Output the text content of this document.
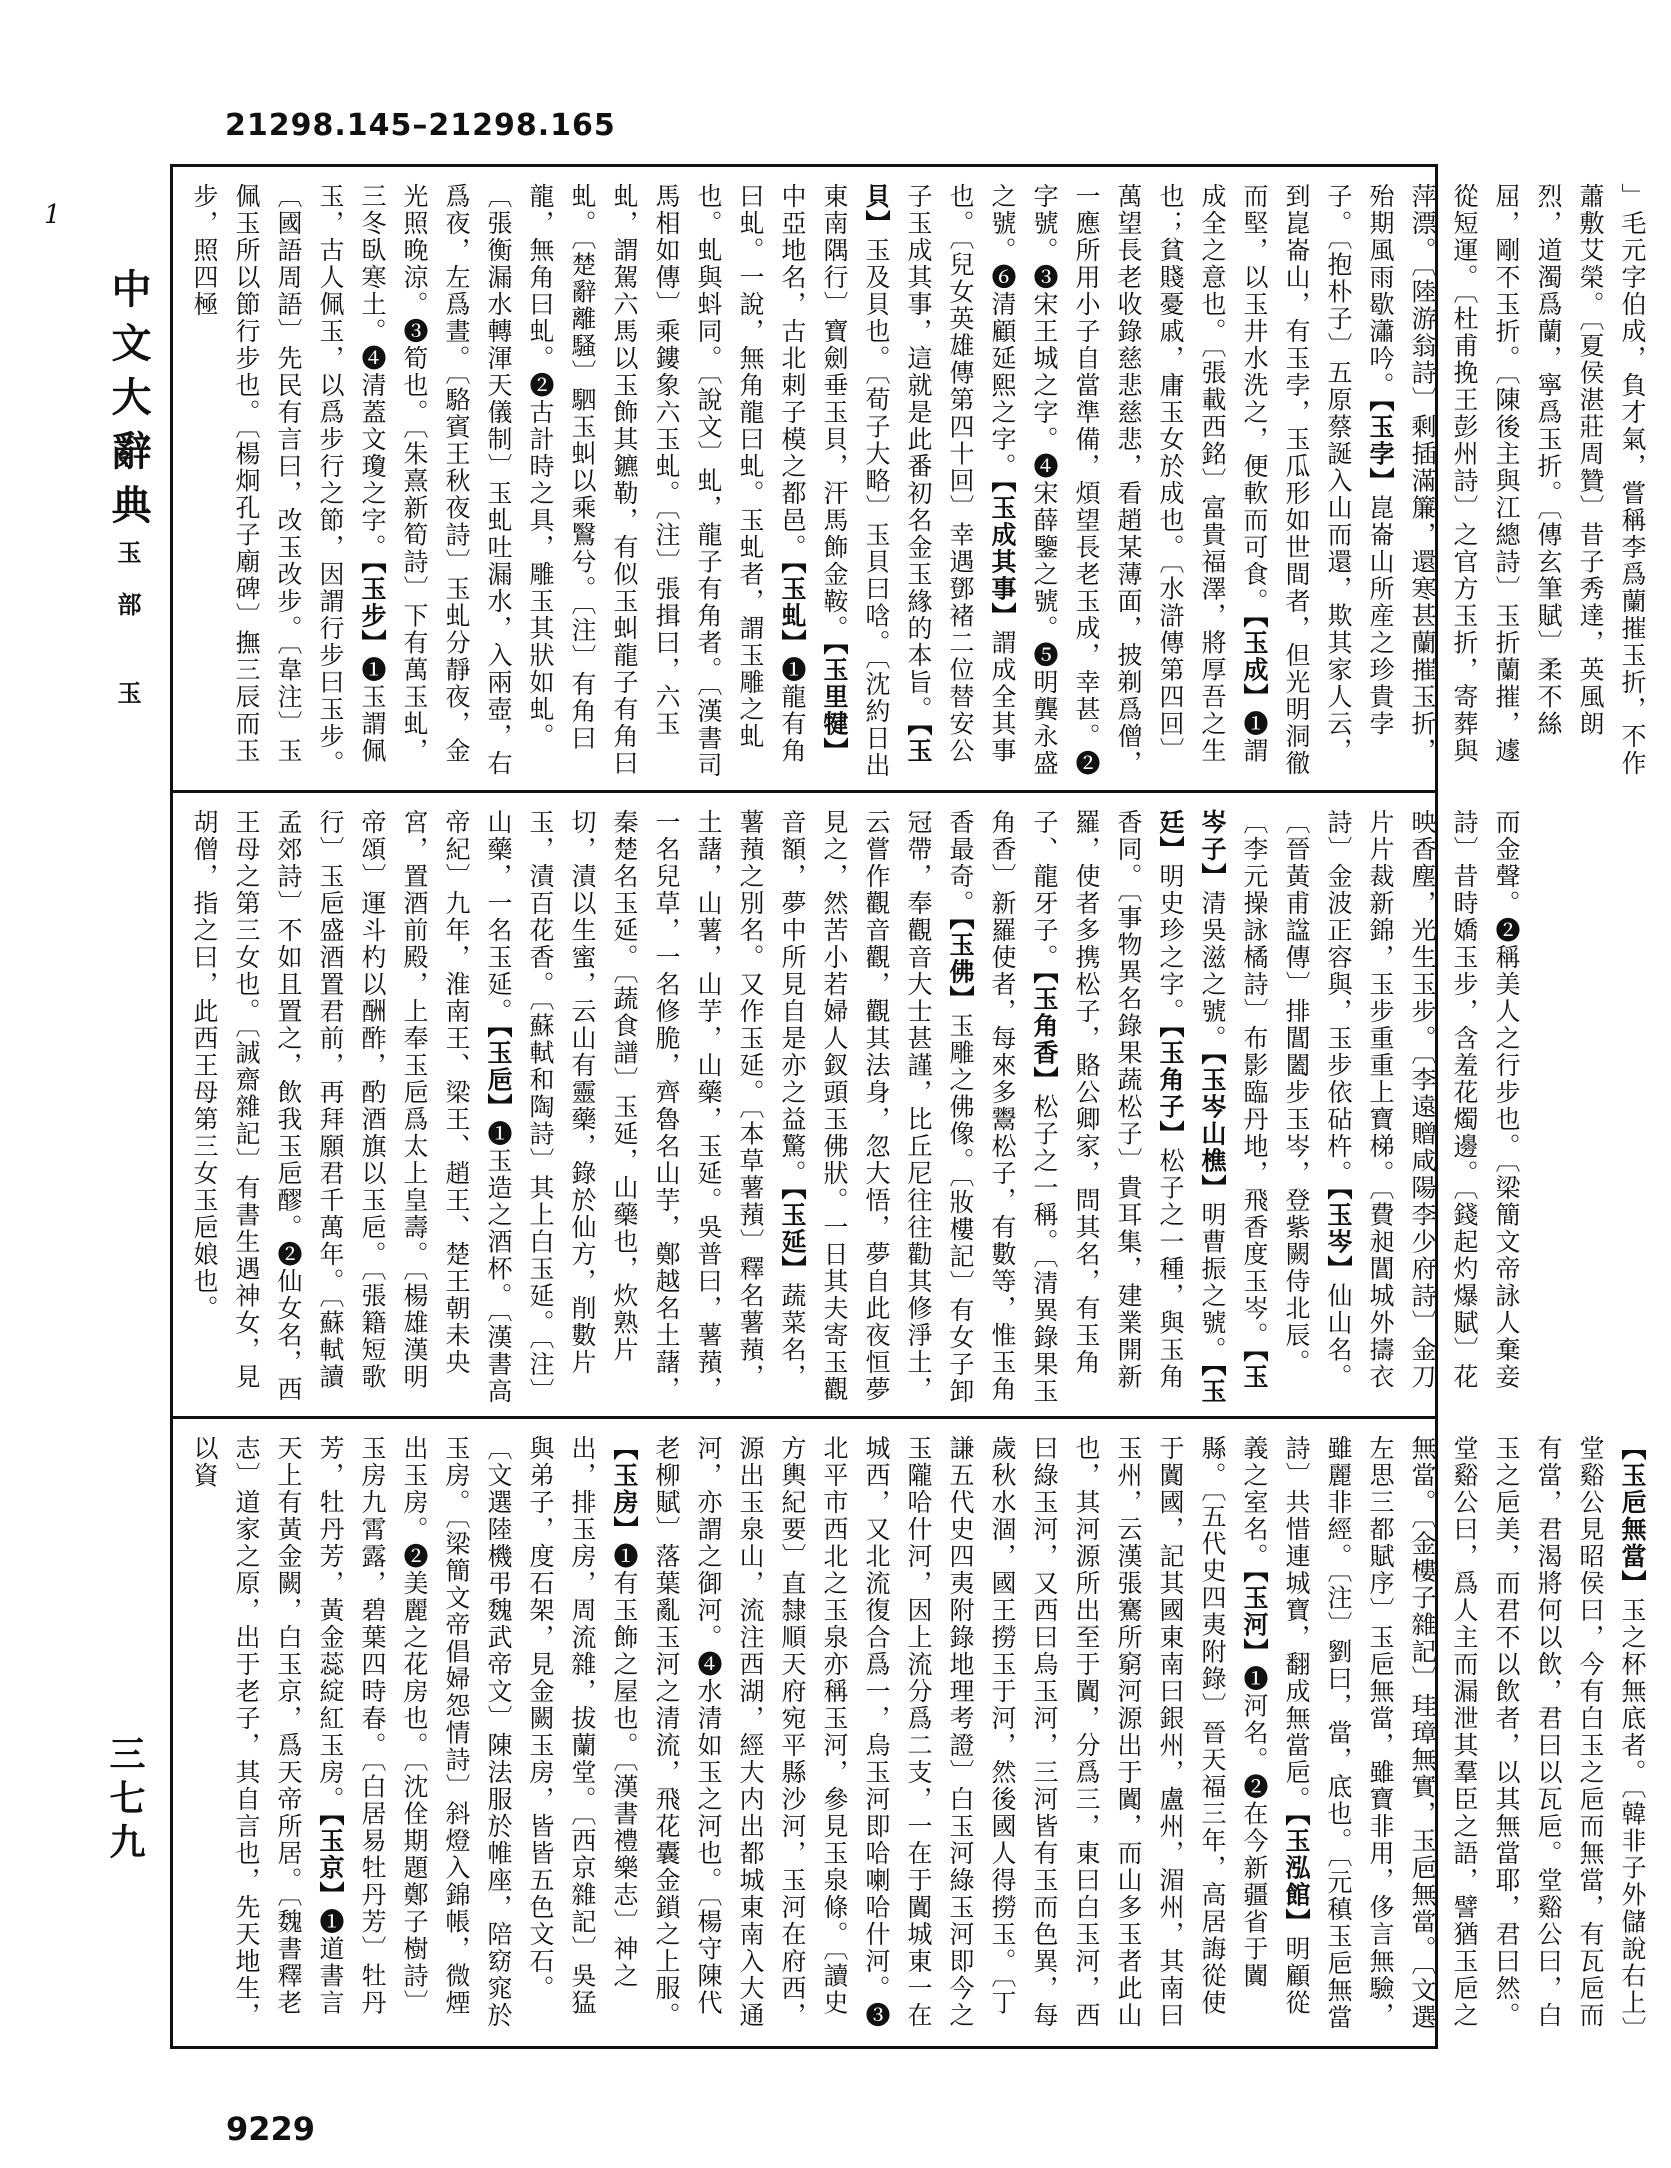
21298.145–21298.165
1
中文大辭典
玉部 玉
三七九
」毛元字伯成，負才氣，嘗稱李爲蘭摧玉折，不作蕭敷艾榮。〔夏侯湛莊周贊〕昔子秀達，英風朗烈，道濁爲蘭，寧爲玉折。〔傳玄筆賦〕柔不絲屈，剛不玉折。〔陳後主與江總詩〕玉折蘭摧，遽從短運。〔杜甫挽王彭州詩〕之官方玉折，寄葬與萍漂。〔陸游翁詩〕剩插滿簾，還寒甚蘭摧玉折，殆期風雨歇瀟吟。【玉孛】崑崙山所産之珍貴孛子。〔抱朴子〕五原蔡誕入山而還，欺其家人云，到崑崙山，有玉孛，玉瓜形如世間者，但光明洞徹而堅，以玉井水洗之，便軟而可食。【玉成】❶謂成全之意也。〔張載西銘〕富貴福澤，將厚吾之生也；貧賤憂戚，庸玉女於成也。〔水滸傳第四回〕萬望長老收錄慈悲慈悲，看趙某薄面，披剃爲僧，一應所用小子自當準備，煩望長老玉成，幸甚。❷字號。❸宋王城之字。❹宋薛鑒之號。❺明龔永盛之號。❻清顧延熙之字。【玉成其事】謂成全其事也。〔兒女英雄傳第四十回〕幸遇鄧褚二位替安公子玉成其事，這就是此番初名金玉緣的本旨。【玉貝】玉及貝也。〔荀子大略〕玉貝曰唅。〔沈約日出東南隅行〕寶劍垂玉貝，汗馬飾金鞍。【玉里犍】中亞地名，古北刺子模之都邑。【玉虬】❶龍有角曰虬。一說，無角龍曰虬。玉虬者，謂玉雕之虬也。虬與蚪同。〔說文〕虬，龍子有角者。〔漢書司馬相如傳〕乘鏤象六玉虬。〔注〕張揖曰，六玉虬，謂駕六馬以玉飾其鑣勒，有似玉虯龍子有角曰虬。〔楚辭離騷〕駟玉虯以乘鷖兮。〔注〕有角曰龍，無角曰虬。❷古計時之具，雕玉其狀如虬。〔張衡漏水轉渾天儀制〕玉虬吐漏水，入兩壺，右爲夜，左爲晝。〔駱賓王秋夜詩〕玉虬分靜夜，金光照晚涼。❸筍也。〔朱熹新筍詩〕下有萬玉虬，三冬臥寒土。❹清蓋文瓊之字。【玉步】❶玉謂佩玉，古人佩玉，以爲步行之節，因謂行步曰玉步。〔國語周語〕先民有言曰，改玉改步。〔韋注〕玉佩玉所以節行步也。〔楊炯孔子廟碑〕撫三辰而玉步，照四極
而金聲。❷稱美人之行步也。〔梁簡文帝詠人棄妾詩〕昔時嬌玉步，含羞花燭邊。〔錢起灼爆賦〕花映香塵，光生玉步。〔李遠贈咸陽李少府詩〕金刀片片裁新錦，玉步重重上寶梯。〔費昶閶城外擣衣詩〕金波正容與，玉步依砧杵。【玉岑】仙山名。〔晉黃甫諡傳〕排閶闔步玉岑，登紫闕侍北辰。〔李元操詠橘詩〕布影臨丹地，飛香度玉岑。【玉岑子】清吳滋之號。【玉岑山樵】明曹振之號。【玉廷】明史珍之字。【玉角子】松子之一種，與玉角香同。〔事物異名錄果蔬松子〕貴耳集，建業開新羅，使者多携松子，賂公卿家，問其名，有玉角子、龍牙子。【玉角香】松子之一稱。〔清異錄果玉角香〕新羅使者，每來多鬻松子，有數等，惟玉角香最奇。【玉佛】玉雕之佛像。〔妝樓記〕有女子卸冠帶，奉觀音大士甚謹，比丘尼往往勸其修淨土，云嘗作觀音觀，觀其法身，忽大悟，夢自此夜恒夢見之，然苦小若婦人釵頭玉佛狀。一日其夫寄玉觀音額，夢中所見自是亦之益驚。【玉延】蔬菜名，薯蕷之別名。又作玉延。〔本草薯蕷〕釋名薯蕷，土藷，山薯，山芋，山藥，玉延。吳普曰，薯蕷，一名兒草，一名修脆，齊魯名山芋，鄭越名土藷，秦楚名玉延。〔蔬食譜〕玉延，山藥也，炊熟片切，漬以生蜜，云山有靈藥，錄於仙方，削數片玉，漬百花香。〔蘇軾和陶詩〕其上白玉延。〔注〕山藥，一名玉延。【玉巵】❶玉造之酒杯。〔漢書高帝紀〕九年，淮南王、梁王、趙王、楚王朝未央宮，置酒前殿，上奉玉巵爲太上皇壽。〔楊雄漢明帝頌〕運斗杓以酬酢，酌酒旗以玉巵。〔張籍短歌行〕玉巵盛酒置君前，再拜願君千萬年。〔蘇軾讀孟郊詩〕不如且置之，飲我玉巵醪。❷仙女名，西王母之第三女也。〔誠齋雜記〕有書生遇神女，見胡僧，指之曰，此西王母第三女玉巵娘也。
【玉巵無當】玉之杯無底者。〔韓非子外儲說右上〕堂谿公見昭侯曰，今有白玉之巵而無當，有瓦巵而有當，君渴將何以飲，君曰以瓦巵。堂谿公曰，白玉之巵美，而君不以飲者，以其無當耶，君曰然。堂谿公曰，爲人主而漏泄其羣臣之語，譬猶玉巵之無當。〔金樓子雜記〕珪璋無實，玉巵無當。〔文選左思三都賦序〕玉巵無當，雖寶非用，侈言無驗，雖麗非經。〔注〕劉曰，當，底也。〔元稹玉巵無當詩〕共惜連城寶，翻成無當巵。【玉泓館】明顧從義之室名。【玉河】❶河名。❷在今新疆省于闐縣。〔五代史四夷附錄〕晉天福三年，高居誨從使于闐國，記其國東南曰銀州，盧州，湄州，其南曰玉州，云漢張騫所窮河源出于闐，而山多玉者此山也，其河源所出至于闐，分爲三，東曰白玉河，西曰綠玉河，又西曰烏玉河，三河皆有玉而色異，每歲秋水涸，國王撈玉于河，然後國人得撈玉。〔丁謙五代史四夷附錄地理考證〕白玉河綠玉河即今之玉隴哈什河，因上流分爲二支，一在于闐城東一在城西，又北流復合爲一，烏玉河即哈喇哈什河。❸北平市西北之玉泉亦稱玉河，參見玉泉條。〔讀史方輿紀要〕直隸順天府宛平縣沙河，玉河在府西，源出玉泉山，流注西湖，經大内出都城東南入大通河，亦謂之御河。❹水清如玉之河也。〔楊守陳代老柳賦〕落葉亂玉河之清流，飛花囊金鎖之上服。【玉房】❶有玉飾之屋也。〔漢書禮樂志〕神之出，排玉房，周流雜，拔蘭堂。〔西京雜記〕吳猛與弟子，度石架，見金闕玉房，皆皆五色文石。〔文選陸機弔魏武帝文〕陳法服於帷座，陪窈窕於玉房。〔梁簡文帝倡婦怨情詩〕斜燈入錦帳，微煙出玉房。❷美麗之花房也。〔沈佺期題鄭子樹詩〕玉房九霄露，碧葉四時春。〔白居易牡丹芳〕牡丹芳，牡丹芳，黃金蕊綻紅玉房。【玉京】❶道書言天上有黃金闕，白玉京，爲天帝所居。〔魏書釋老志〕道家之原，出于老子，其自言也，先天地生，以資
9229
